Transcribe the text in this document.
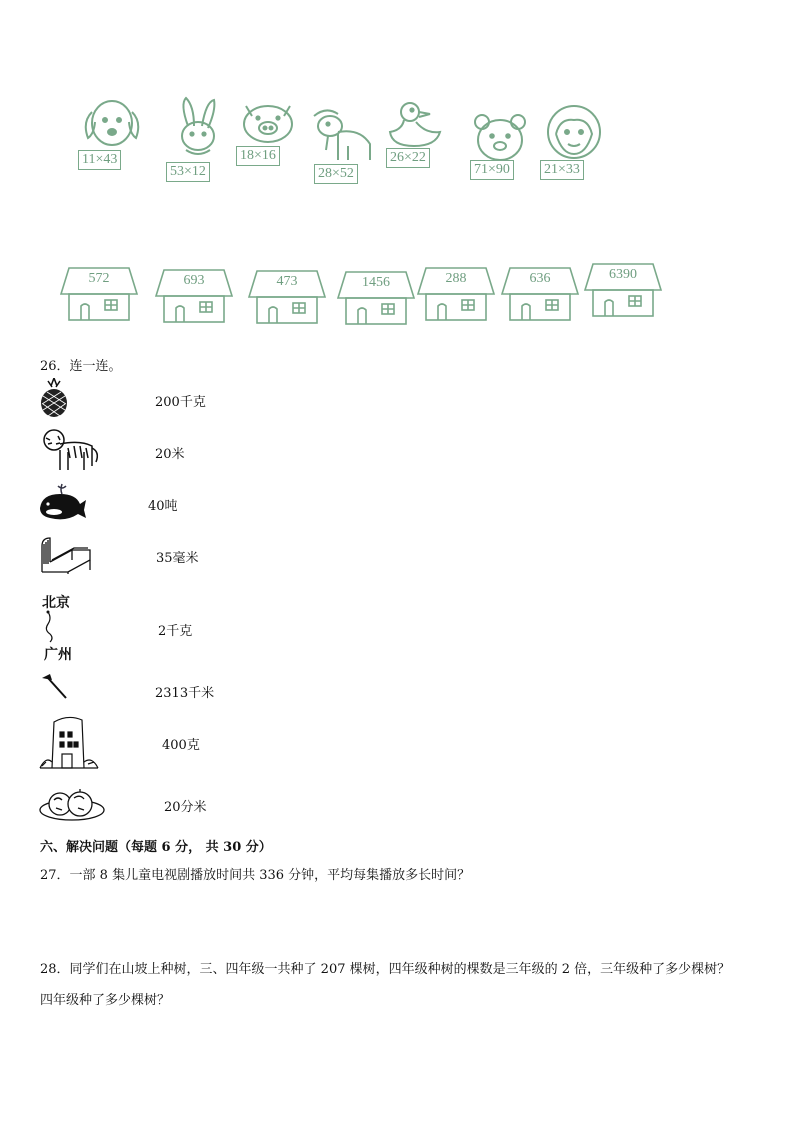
11×43
53×12
18×16
28×52
26×22
71×90 21×33
572	693	473	1456	288	636	6390
26．连一连。
200千克
20米
40吨
35毫米
北京
广州
2千克
2313千米
400克
20分米
六、解决问题（每题 6 分， 共 30 分）
27．一部 8 集儿童电视剧播放时间共 336 分钟，平均每集播放多长时间？
28．同学们在山坡上种树，三、四年级一共种了 207 棵树，四年级种树的棵数是三年级的 2 倍，三年级种了多少棵树？
四年级种了多少棵树？
